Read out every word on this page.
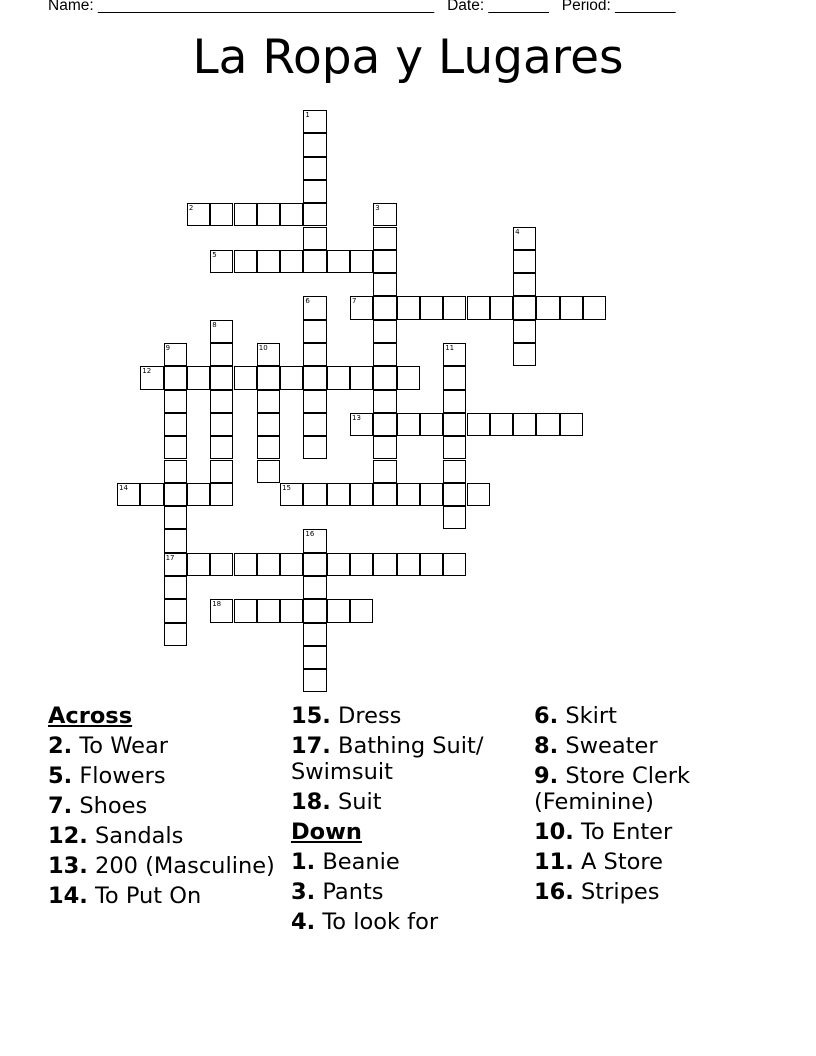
Name: _______________________________________ Date: _______ Period: _______
La Ropa y Lugares
1
2	3
4
5
6	7
8
9	10	11
12
13
14	15
16
17
18
Across
2. To Wear
5. Flowers
7. Shoes
12. Sandals
13. 200 (Masculine)
14. To Put On
15. Dress
17. Bathing Suit/ Swimsuit
18. Suit
Down
1. Beanie
3. Pants
4. To look for
6. Skirt
8. Sweater
9. Store Clerk (Feminine)
10. To Enter
11. A Store
16. Stripes
